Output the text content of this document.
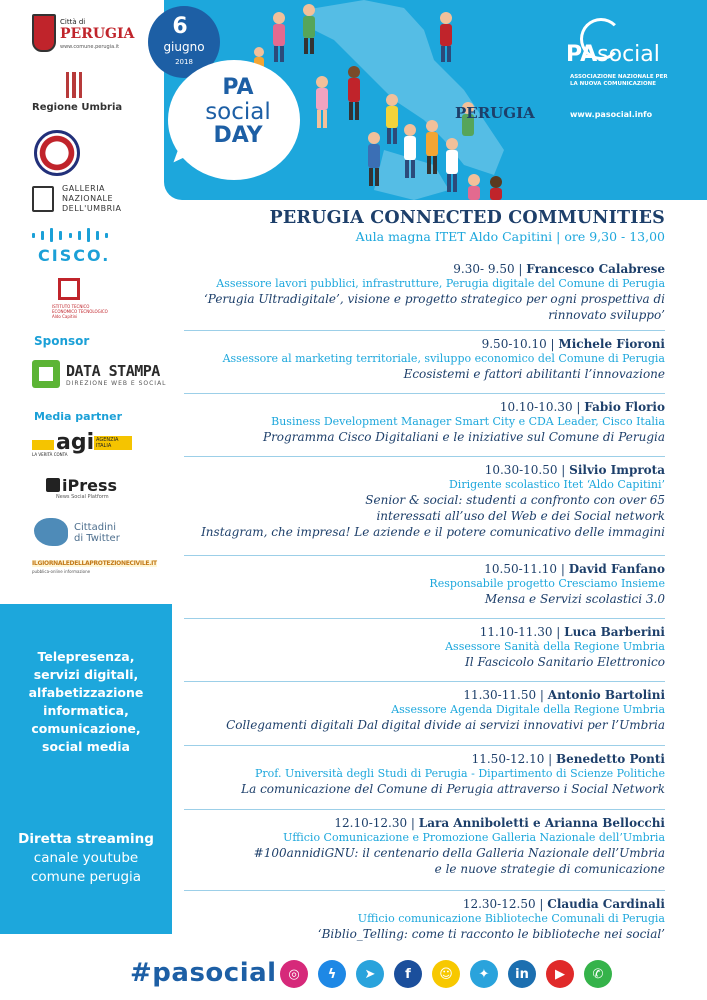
Città di
PERUGIA
www.comune.perugia.it
Regione Umbria
GALLERIA
NAZIONALE
DELL'UMBRIA
CISCO.
ISTITUTO TECNICO ECONOMICO TECNOLOGICO Aldo Capitini
Sponsor
DATA STAMPA
DIREZIONE WEB E SOCIAL
Media partner
agi AGENZIA ITALIA
LA VERITÀ CONTA
iPress
News Social Platform
Cittadini
di Twitter
ILGIORNALEDELLAPROTEZIONECIVILE.IT
pubblica-online informazione
Telepresenza,
servizi digitali,
alfabetizzazione
informatica,
comunicazione,
social media
Diretta streaming
canale youtube
comune perugia
6
giugno
2018
PA
social
DAY
PERUGIA
PAsocial
ASSOCIAZIONE NAZIONALE PER LA NUOVA COMUNICAZIONE
www.pasocial.info
PERUGIA CONNECTED COMMUNITIES
Aula magna ITET Aldo Capitini | ore 9,30 - 13,00
9.30- 9.50 | Francesco Calabrese
Assessore lavori pubblici, infrastrutture, Perugia digitale del Comune di Perugia
‘Perugia Ultradigitale’, visione e progetto strategico per ogni prospettiva di
rinnovato sviluppo’
9.50-10.10 | Michele Fioroni
Assessore al marketing territoriale, sviluppo economico del Comune di Perugia
Ecosistemi e fattori abilitanti l’innovazione
10.10-10.30 | Fabio Florio
Business Development Manager Smart City e CDA Leader, Cisco Italia
Programma Cisco Digitaliani e le iniziative sul Comune di Perugia
10.30-10.50 | Silvio Improta
Dirigente scolastico Itet ‘Aldo Capitini’
Senior & social: studenti a confronto con over 65
interessati all’uso del Web e dei Social network
Instagram, che impresa! Le aziende e il potere comunicativo delle immagini
10.50-11.10 | David Fanfano
Responsabile progetto Cresciamo Insieme
Mensa e Servizi scolastici 3.0
11.10-11.30 | Luca Barberini
Assessore Sanità della Regione Umbria
Il Fascicolo Sanitario Elettronico
11.30-11.50 | Antonio Bartolini
Assessore Agenda Digitale della Regione Umbria
Collegamenti digitali Dal digital divide ai servizi innovativi per l’Umbria
11.50-12.10 | Benedetto Ponti
Prof. Università degli Studi di Perugia - Dipartimento di Scienze Politiche
La comunicazione del Comune di Perugia attraverso i Social Network
12.10-12.30 | Lara Anniboletti e Arianna Bellocchi
Ufficio Comunicazione e Promozione Galleria Nazionale dell’Umbria
#100annidiGNU: il centenario della Galleria Nazionale dell’Umbria
e le nuove strategie di comunicazione
12.30-12.50 | Claudia Cardinali
Ufficio comunicazione Biblioteche Comunali di Perugia
‘Biblio_Telling: come ti racconto le biblioteche nei social’
#pasocial ◎	ϟ	➤	f	☺	✦	in	▶	✆
